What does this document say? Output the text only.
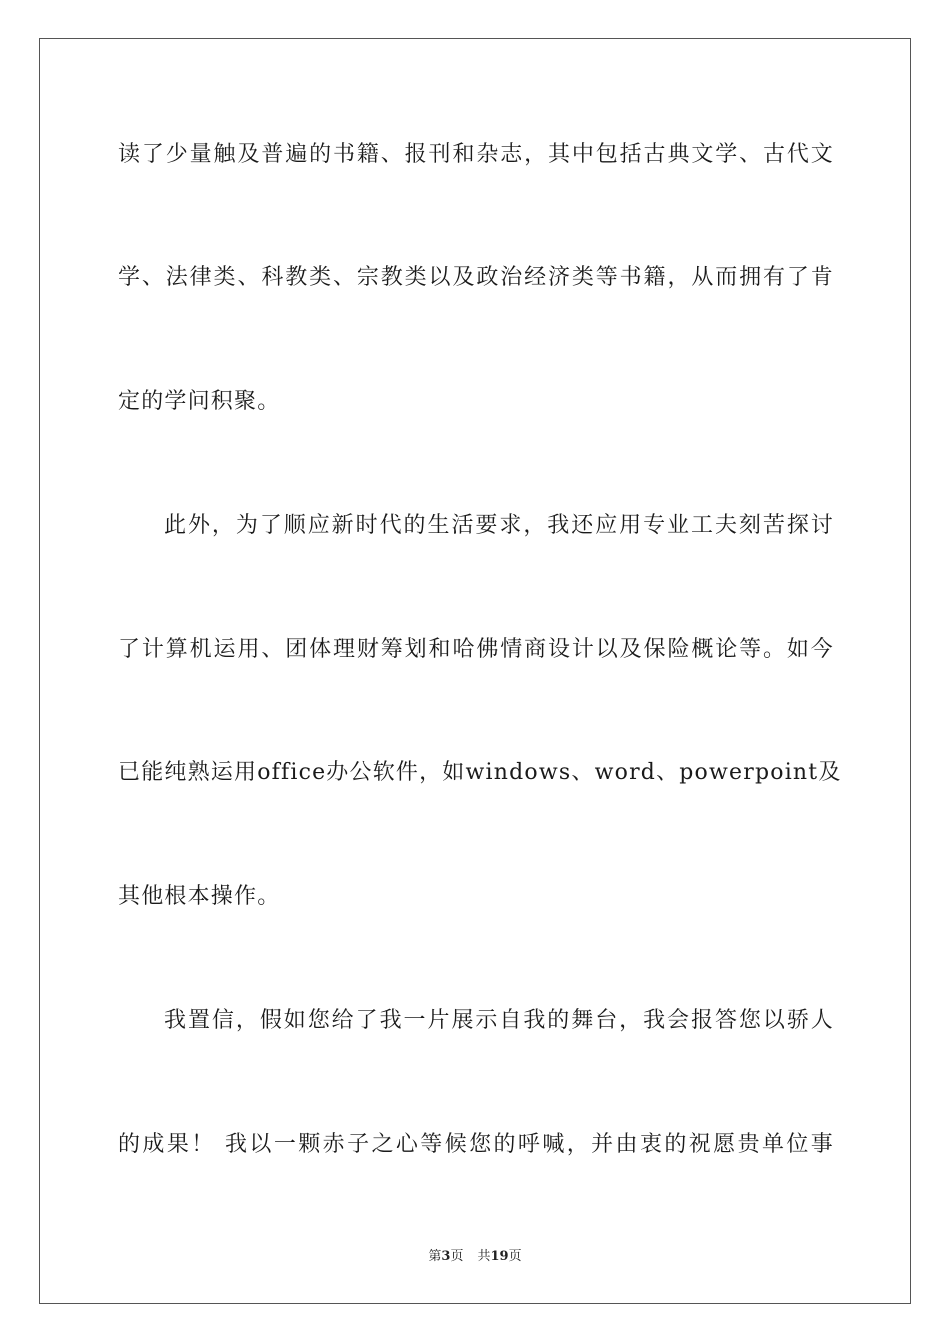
读了少量触及普遍的书籍、报刊和杂志，其中包括古典文学、古代文
学、法律类、科教类、宗教类以及政治经济类等书籍，从而拥有了肯
定的学问积聚。
此外，为了顺应新时代的生活要求，我还应用专业工夫刻苦探讨
了计算机运用、团体理财筹划和哈佛情商设计以及保险概论等。如今
已能纯熟运用office办公软件，如windows、word、powerpoint及
其他根本操作。
我置信，假如您给了我一片展示自我的舞台，我会报答您以骄人
的成果！ 我以一颗赤子之心等候您的呼喊，并由衷的祝愿贵单位事
第3页 共19页
